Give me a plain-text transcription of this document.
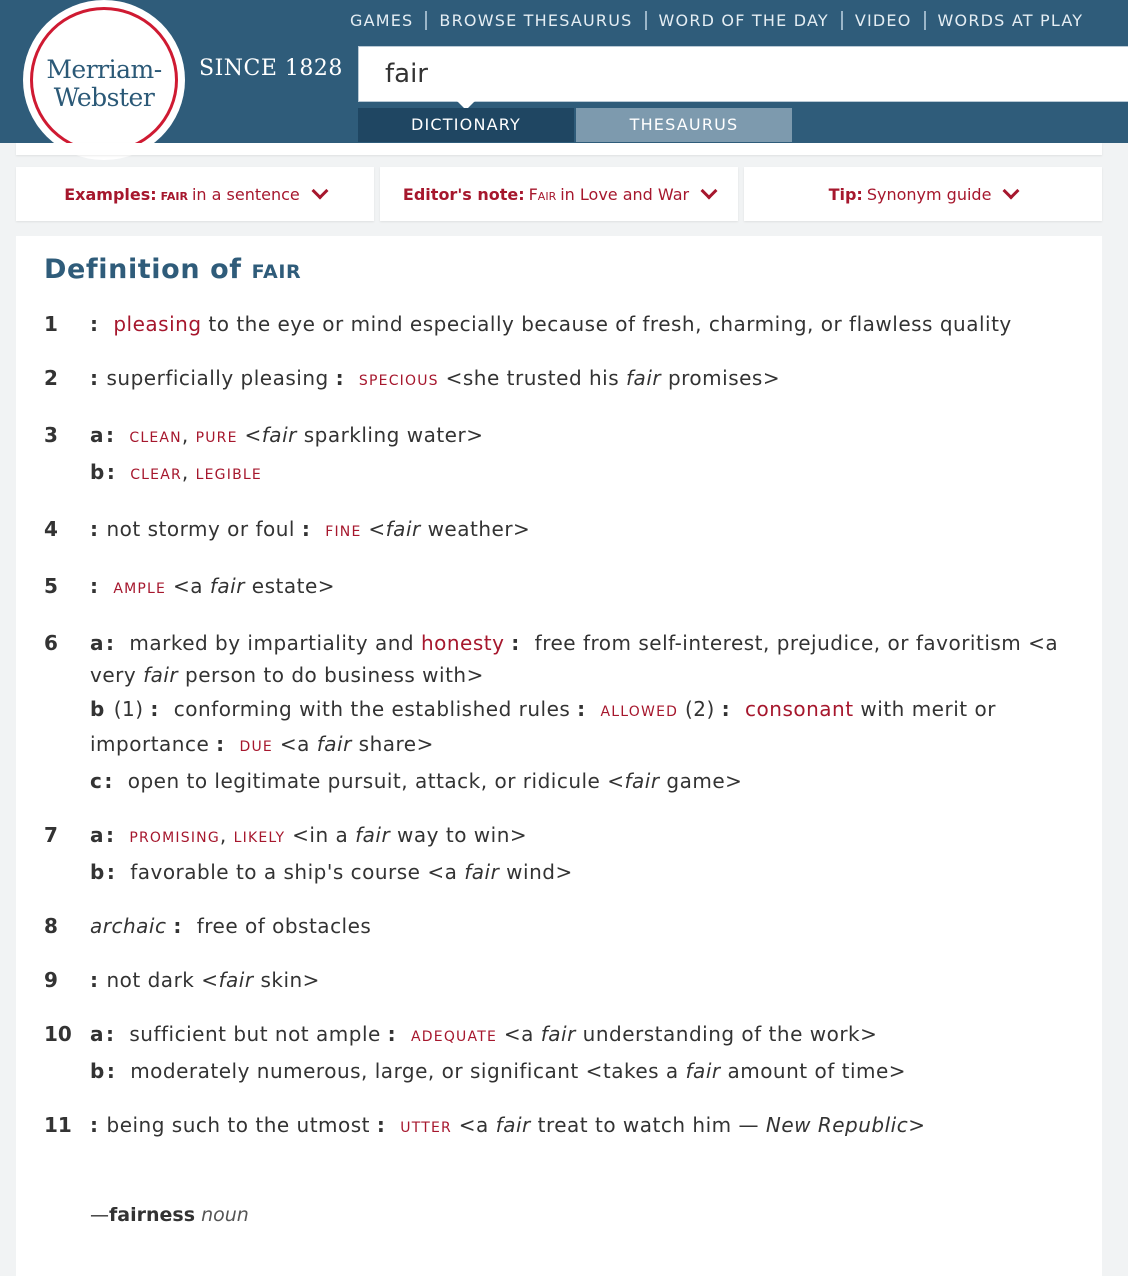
GAMES	BROWSE THESAURUS	WORD OF THE DAY	VIDEO	WORDS AT PLAY
Merriam-
Webster
SINCE 1828
fair
DICTIONARY	THESAURUS
Examples: fair in a sentence	Editor's note: Fair in Love and War	Tip: Synonym guide
Definition of fair
1 : pleasing to the eye or mind especially because of fresh, charming, or flawless quality
2 : superficially pleasing : SPECIOUS <she trusted his fair promises>
3 a : CLEAN, PURE <fair sparkling water>
b : CLEAR, LEGIBLE
4 : not stormy or foul : FINE <fair weather>
5 : AMPLE <a fair estate>
6 a : marked by impartiality and honesty : free from self-interest, prejudice, or favoritism <a very fair person to do business with>
b (1) : conforming with the established rules : ALLOWED (2) : consonant with merit or importance : DUE <a fair share>
c : open to legitimate pursuit, attack, or ridicule <fair game>
7 a : PROMISING, LIKELY <in a fair way to win>
b : favorable to a ship's course <a fair wind>
8 archaic : free of obstacles
9 : not dark <fair skin>
10 a : sufficient but not ample : ADEQUATE <a fair understanding of the work>
b : moderately numerous, large, or significant <takes a fair amount of time>
11 : being such to the utmost : UTTER <a fair treat to watch him — New Republic>
—fairness noun
